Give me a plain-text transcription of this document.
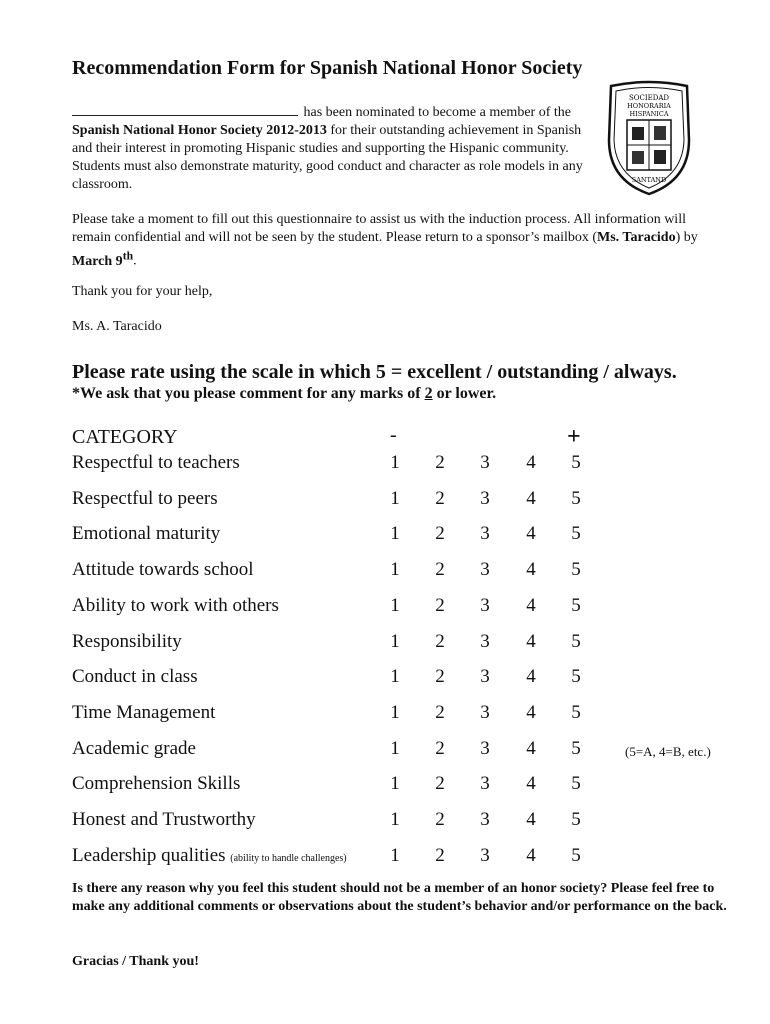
Recommendation Form for Spanish National Honor Society
SOCIEDAD
HONORARIA
HISPANICA
SANTAND
has been nominated to become a member of the
Spanish National Honor Society 2012-2013 for their outstanding achievement in Spanish and their interest in promoting Hispanic studies and supporting the Hispanic community. Students must also demonstrate maturity, good conduct and character as role models in any classroom.
Please take a moment to fill out this questionnaire to assist us with the induction process. All information will remain confidential and will not be seen by the student. Please return to a sponsor’s mailbox (Ms. Taracido) by March 9th.
Thank you for your help,
Ms. A. Taracido
Please rate using the scale in which 5 = excellent / outstanding / always.
*We ask that you please comment for any marks of 2 or lower.
CATEGORY	-	+
Respectful to teachers	1 2 3 4 5
Respectful to peers	1 2 3 4 5
Emotional maturity	1 2 3 4 5
Attitude towards school	1 2 3 4 5
Ability to work with others	1 2 3 4 5
Responsibility	1 2 3 4 5
Conduct in class	1 2 3 4 5
Time Management	1 2 3 4 5
Academic grade	1 2 3 4 5	(5=A, 4=B, etc.)
Comprehension Skills	1 2 3 4 5
Honest and Trustworthy	1 2 3 4 5
Leadership qualities (ability to handle challenges) 1 2 3 4 5
Is there any reason why you feel this student should not be a member of an honor society? Please feel free to make any additional comments or observations about the student’s behavior and/or performance on the back.
Gracias / Thank you!
